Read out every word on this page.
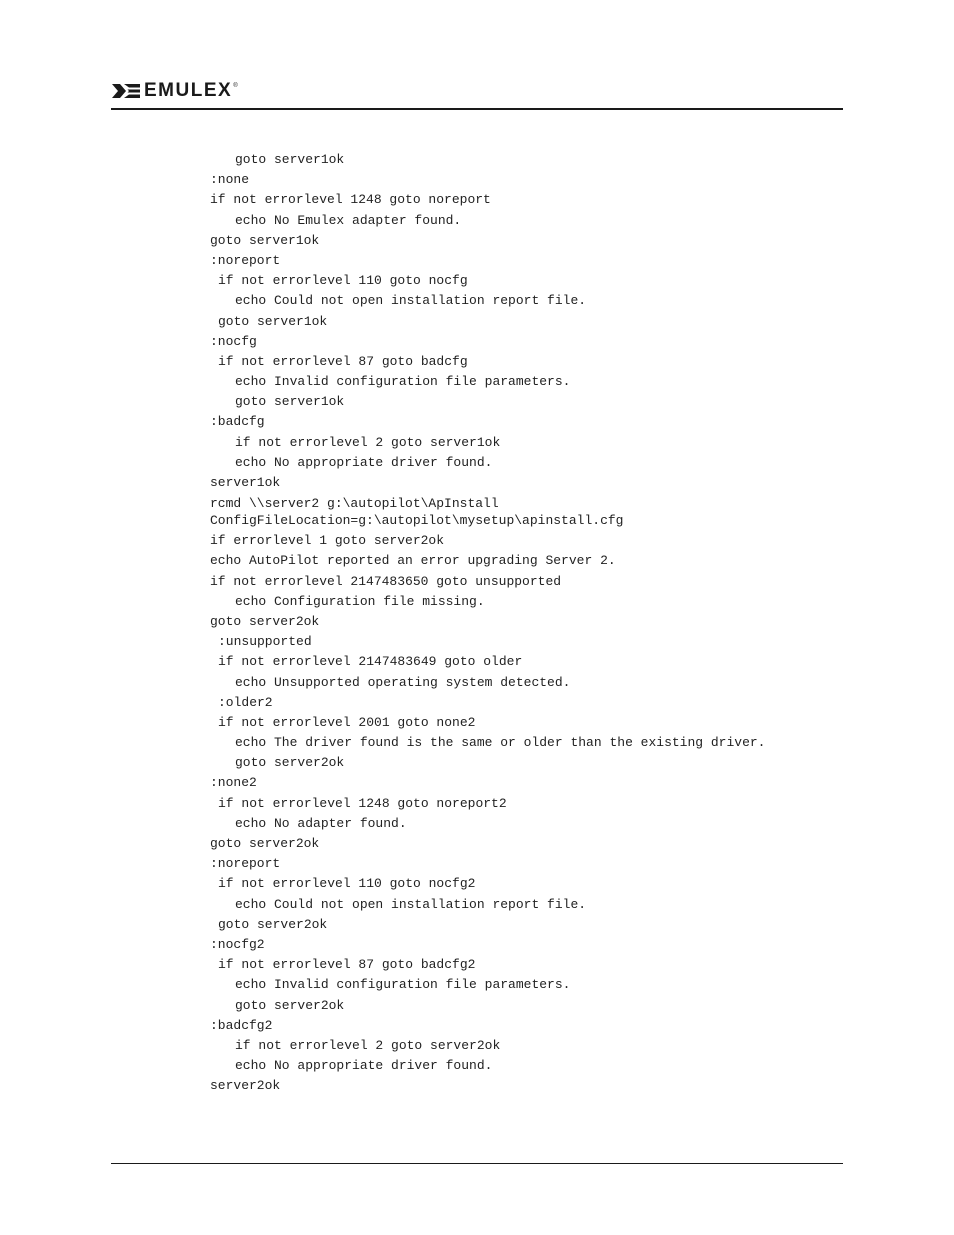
EMULEX ®
goto server1ok
:none
if not errorlevel 1248 goto noreport
echo No Emulex adapter found.
goto server1ok
:noreport
if not errorlevel 110 goto nocfg
echo Could not open installation report file.
goto server1ok
:nocfg
if not errorlevel 87 goto badcfg
echo Invalid configuration file parameters.
goto server1ok
:badcfg
if not errorlevel 2 goto server1ok
echo No appropriate driver found.
server1ok
rcmd \\server2 g:\autopilot\ApInstall
ConfigFileLocation=g:\autopilot\mysetup\apinstall.cfg
if errorlevel 1 goto server2ok
echo AutoPilot reported an error upgrading Server 2.
if not errorlevel 2147483650 goto unsupported
echo Configuration file missing.
goto server2ok
:unsupported
if not errorlevel 2147483649 goto older
echo Unsupported operating system detected.
:older2
if not errorlevel 2001 goto none2
echo The driver found is the same or older than the existing driver.
goto server2ok
:none2
if not errorlevel 1248 goto noreport2
echo No adapter found.
goto server2ok
:noreport
if not errorlevel 110 goto nocfg2
echo Could not open installation report file.
goto server2ok
:nocfg2
if not errorlevel 87 goto badcfg2
echo Invalid configuration file parameters.
goto server2ok
:badcfg2
if not errorlevel 2 goto server2ok
echo No appropriate driver found.
server2ok
